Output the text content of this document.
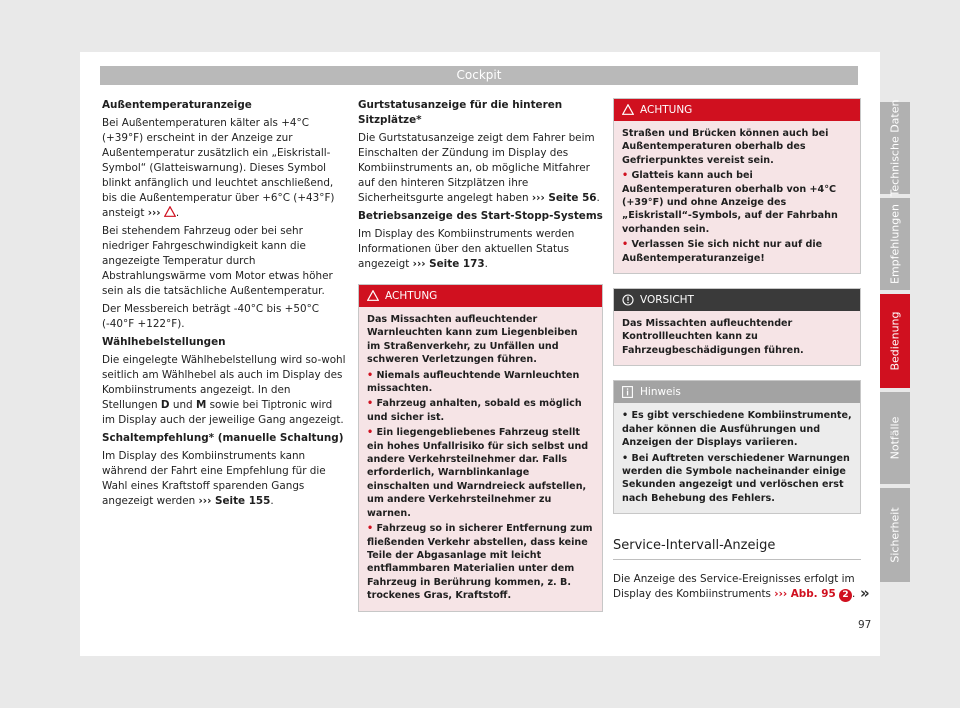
Cockpit

Außentemperaturanzeige

Bei Außentemperaturen kälter als +4°C (+39°F) erscheint in der Anzeige zur Außentemperatur zusätzlich ein „Eiskristall-Symbol“ (Glatteiswarnung). Dieses Symbol blinkt anfänglich und leuchtet anschließend, bis die Außentemperatur über +6°C (+43°F) ansteigt ››› .

Bei stehendem Fahrzeug oder bei sehr niedriger Fahrgeschwindigkeit kann die angezeigte Temperatur durch Abstrahlungswärme vom Motor etwas höher sein als die tatsächliche Außentemperatur.

Der Messbereich beträgt -40°C bis +50°C (-40°F +122°F).

Wählhebelstellungen

Die eingelegte Wählhebelstellung wird so-wohl seitlich am Wählhebel als auch im Display des Kombiinstruments angezeigt. In den Stellungen D und M sowie bei Tiptronic wird im Display auch der jeweilige Gang angezeigt.

Schaltempfehlung* (manuelle Schaltung)

Im Display des Kombiinstruments kann während der Fahrt eine Empfehlung für die Wahl eines Kraftstoff sparenden Gangs angezeigt werden ››› Seite 155.

Gurtstatusanzeige für die hinteren Sitzplätze*

Die Gurtstatusanzeige zeigt dem Fahrer beim Einschalten der Zündung im Display des Kombiinstruments an, ob mögliche Mitfahrer auf den hinteren Sitzplätzen ihre Sicherheitsgurte angelegt haben ››› Seite 56.

Betriebsanzeige des Start-Stopp-Systems

Im Display des Kombiinstruments werden Informationen über den aktuellen Status angezeigt ››› Seite 173.

ACHTUNG

Das Missachten aufleuchtender Warnleuchten kann zum Liegenbleiben im Straßenverkehr, zu Unfällen und schweren Verletzungen führen.

• Niemals aufleuchtende Warnleuchten missachten.

• Fahrzeug anhalten, sobald es möglich und sicher ist.

• Ein liegengebliebenes Fahrzeug stellt ein hohes Unfallrisiko für sich selbst und andere Verkehrsteilnehmer dar. Falls erforderlich, Warnblinkanlage einschalten und Warndreieck aufstellen, um andere Verkehrsteilnehmer zu warnen.

• Fahrzeug so in sicherer Entfernung zum fließenden Verkehr abstellen, dass keine Teile der Abgasanlage mit leicht entflammbaren Materialien unter dem Fahrzeug in Berührung kommen, z. B. trockenes Gras, Kraftstoff.

ACHTUNG

Straßen und Brücken können auch bei Außentemperaturen oberhalb des Gefrierpunktes vereist sein.

• Glatteis kann auch bei Außentemperaturen oberhalb von +4°C (+39°F) und ohne Anzeige des „Eiskristall“-Symbols, auf der Fahrbahn vorhanden sein.

• Verlassen Sie sich nicht nur auf die Außentemperaturanzeige!

VORSICHT

Das Missachten aufleuchtender Kontrollleuchten kann zu Fahrzeugbeschädigungen führen.

Hinweis

• Es gibt verschiedene Kombiinstrumente, daher können die Ausführungen und Anzeigen der Displays variieren.

• Bei Auftreten verschiedener Warnungen werden die Symbole nacheinander einige Sekunden angezeigt und verlöschen erst nach Behebung des Fehlers.

Service-Intervall-Anzeige

Die Anzeige des Service-Ereignisses erfolgt im Display des Kombiinstruments ››› Abb. 95 2 .

Technische Daten
Empfehlungen
Bedienung
Notfälle
Sicherheit
»
97
